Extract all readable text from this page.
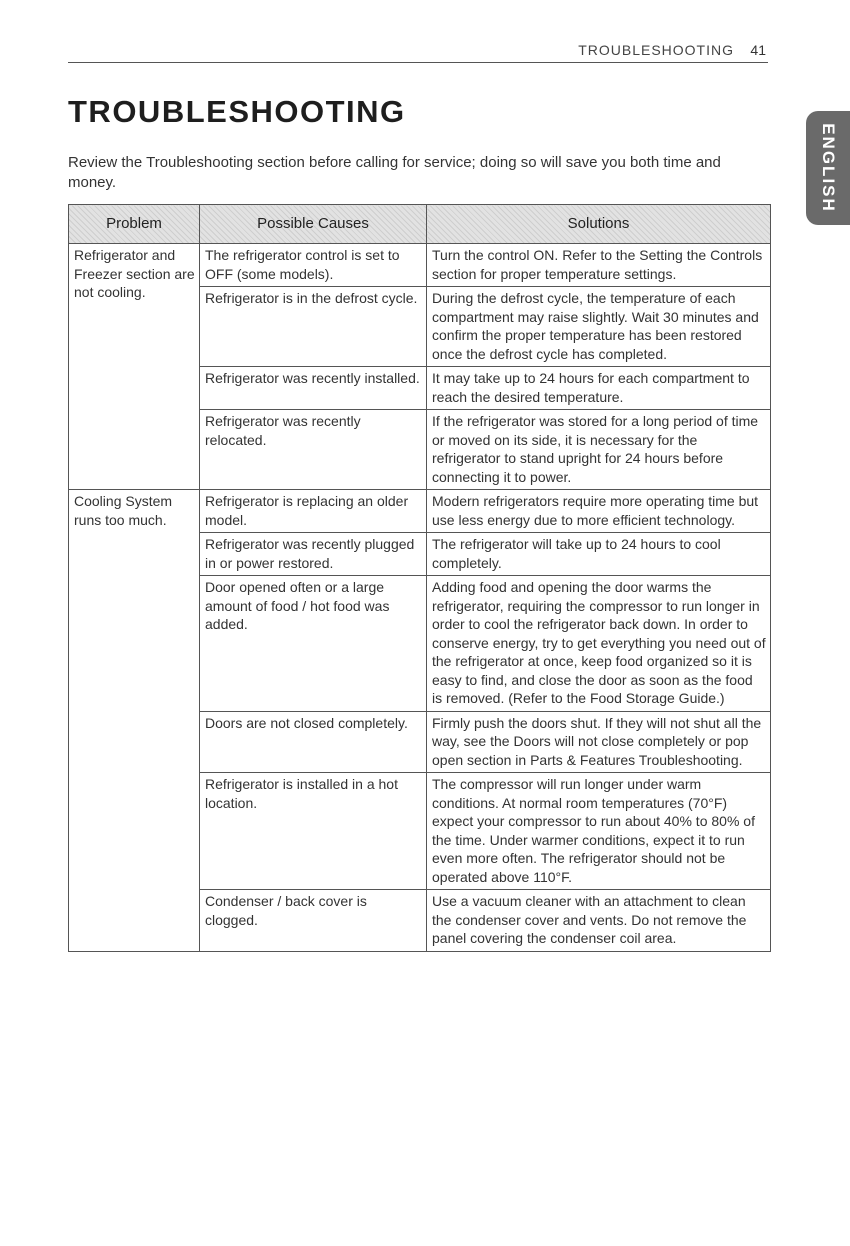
TROUBLESHOOTING 41
TROUBLESHOOTING

Review the Troubleshooting section before calling for service; doing so will save you both time and money.	ENGLISH
Problem	Possible Causes	Solutions
Refrigerator and Freezer section are not cooling.	The refrigerator control is set to OFF (some models).	Turn the control ON. Refer to the Setting the Controls section for proper temperature settings.
	Refrigerator is in the defrost cycle.	During the defrost cycle, the temperature of each compartment may raise slightly. Wait 30 minutes and confirm the proper temperature has been restored once the defrost cycle has completed.
	Refrigerator was recently installed.	It may take up to 24 hours for each compartment to reach the desired temperature.
	Refrigerator was recently relocated.	If the refrigerator was stored for a long period of time or moved on its side, it is necessary for the refrigerator to stand upright for 24 hours before connecting it to power.
Cooling System runs too much.	Refrigerator is replacing an older model.	Modern refrigerators require more operating time but use less energy due to more efficient technology.
	Refrigerator was recently plugged in or power restored.	The refrigerator will take up to 24 hours to cool completely.
	Door opened often or a large amount of food / hot food was added.	Adding food and opening the door warms the refrigerator, requiring the compressor to run longer in order to cool the refrigerator back down. In order to conserve energy, try to get everything you need out of the refrigerator at once, keep food organized so it is easy to find, and close the door as soon as the food is removed. (Refer to the Food Storage Guide.)
	Doors are not closed completely.	Firmly push the doors shut. If they will not shut all the way, see the Doors will not close completely or pop open section in Parts & Features Troubleshooting.
	Refrigerator is installed in a hot location.	The compressor will run longer under warm conditions. At normal room temperatures (70°F) expect your compressor to run about 40% to 80% of the time. Under warmer conditions, expect it to run even more often. The refrigerator should not be operated above 110°F.
	Condenser / back cover is clogged.	Use a vacuum cleaner with an attachment to clean the condenser cover and vents. Do not remove the panel covering the condenser coil area.
